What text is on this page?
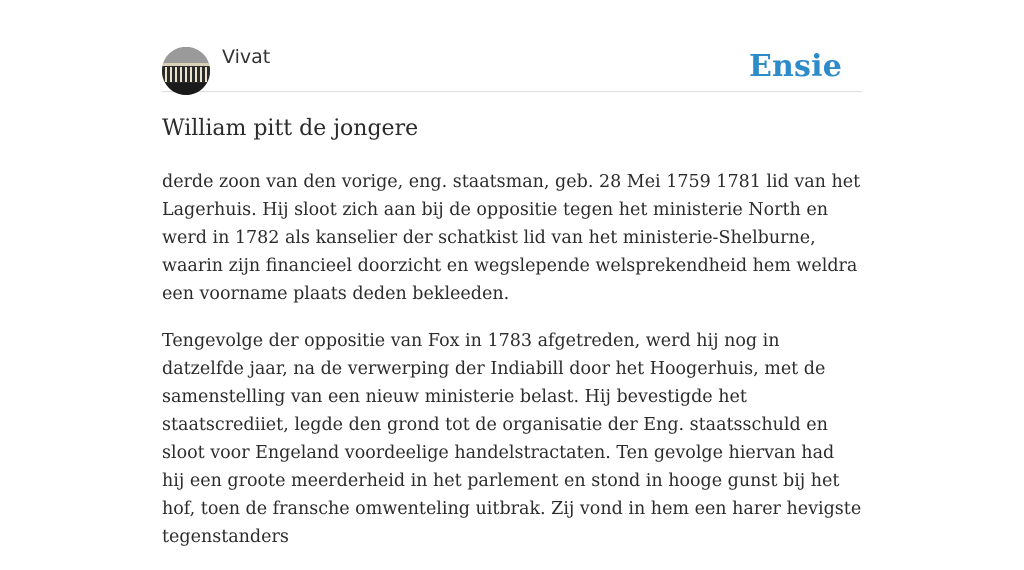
Vivat	Ensie
William pitt de jongere

derde zoon van den vorige, eng. staatsman, geb. 28 Mei 1759 1781 lid van het Lagerhuis. Hij sloot zich aan bij de oppositie tegen het ministerie North en werd in 1782 als kanselier der schatkist lid van het ministerie-Shelburne, waarin zijn financieel doorzicht en wegslepende welsprekendheid hem weldra een voorname plaats deden bekleeden.

Tengevolge der oppositie van Fox in 1783 afgetreden, werd hij nog in datzelfde jaar, na de verwerping der Indiabill door het Hoogerhuis, met de samenstelling van een nieuw ministerie belast. Hij bevestigde het staatscrediiet, legde den grond tot de organisatie der Eng. staatsschuld en sloot voor Engeland voordeelige handelstractaten. Ten gevolge hiervan had hij een groote meerderheid in het parlement en stond in hooge gunst bij het hof, toen de fransche omwenteling uitbrak. Zij vond in hem een harer hevigste tegenstanders
